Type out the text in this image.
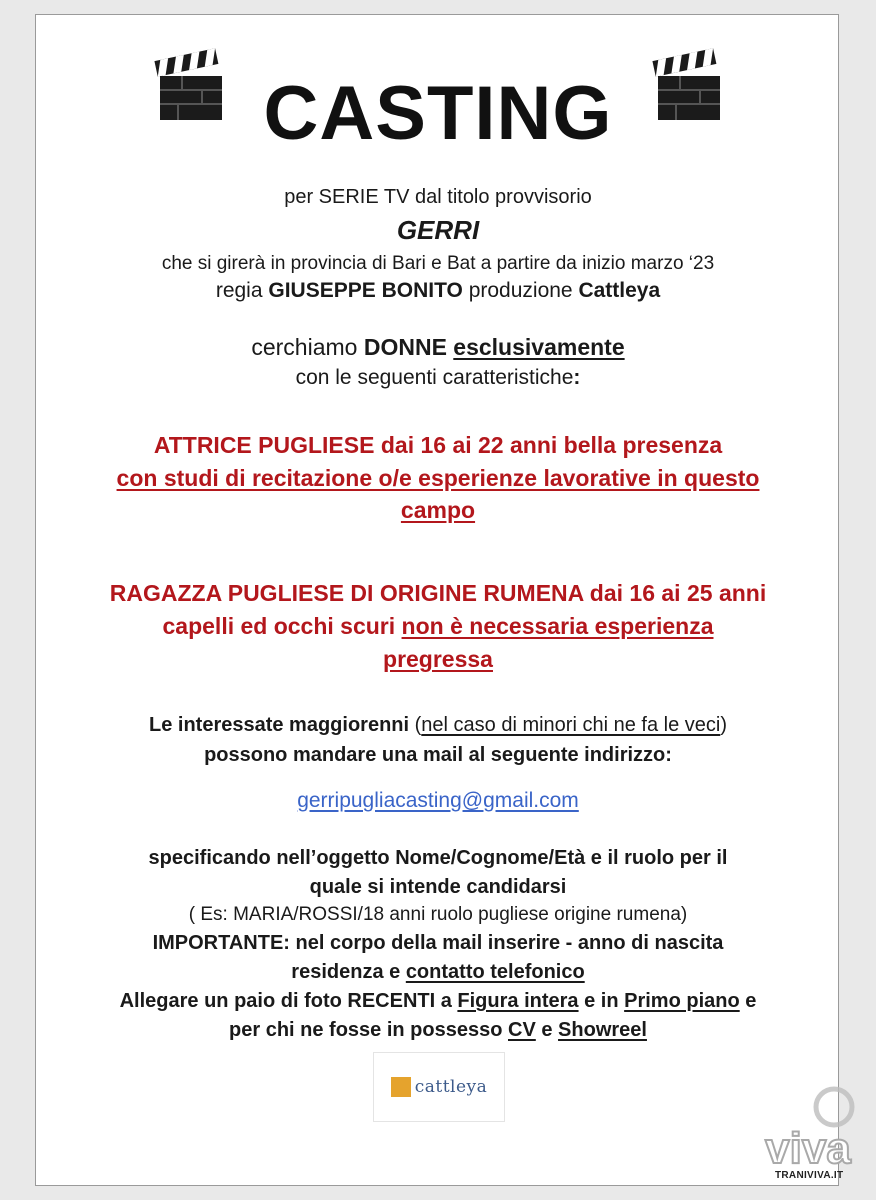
CASTING
per SERIE TV dal titolo provvisorio
GERRI
che si girerà in provincia di Bari e Bat a partire da inizio marzo ‘23
regia GIUSEPPE BONITO produzione Cattleya
cerchiamo DONNE esclusivamente
con le seguenti caratteristiche:
ATTRICE PUGLIESE dai 16 ai 22 anni bella presenza
con studi di recitazione o/e esperienze lavorative in questo
campo
RAGAZZA PUGLIESE DI ORIGINE RUMENA dai 16 ai 25 anni
capelli ed occhi scuri non è necessaria esperienza
pregressa
Le interessate maggiorenni (nel caso di minori chi ne fa le veci)
possono mandare una mail al seguente indirizzo:
gerripugliacasting@gmail.com
specificando nell’oggetto Nome/Cognome/Età e il ruolo per il
quale si intende candidarsi
( Es: MARIA/ROSSI/18 anni ruolo pugliese origine rumena)
IMPORTANTE: nel corpo della mail inserire - anno di nascita
residenza e contatto telefonico
Allegare un paio di foto RECENTI a Figura intera e in Primo piano e
per chi ne fosse in possesso CV e Showreel
cattleya
viva
TRANIVIVA.IT
